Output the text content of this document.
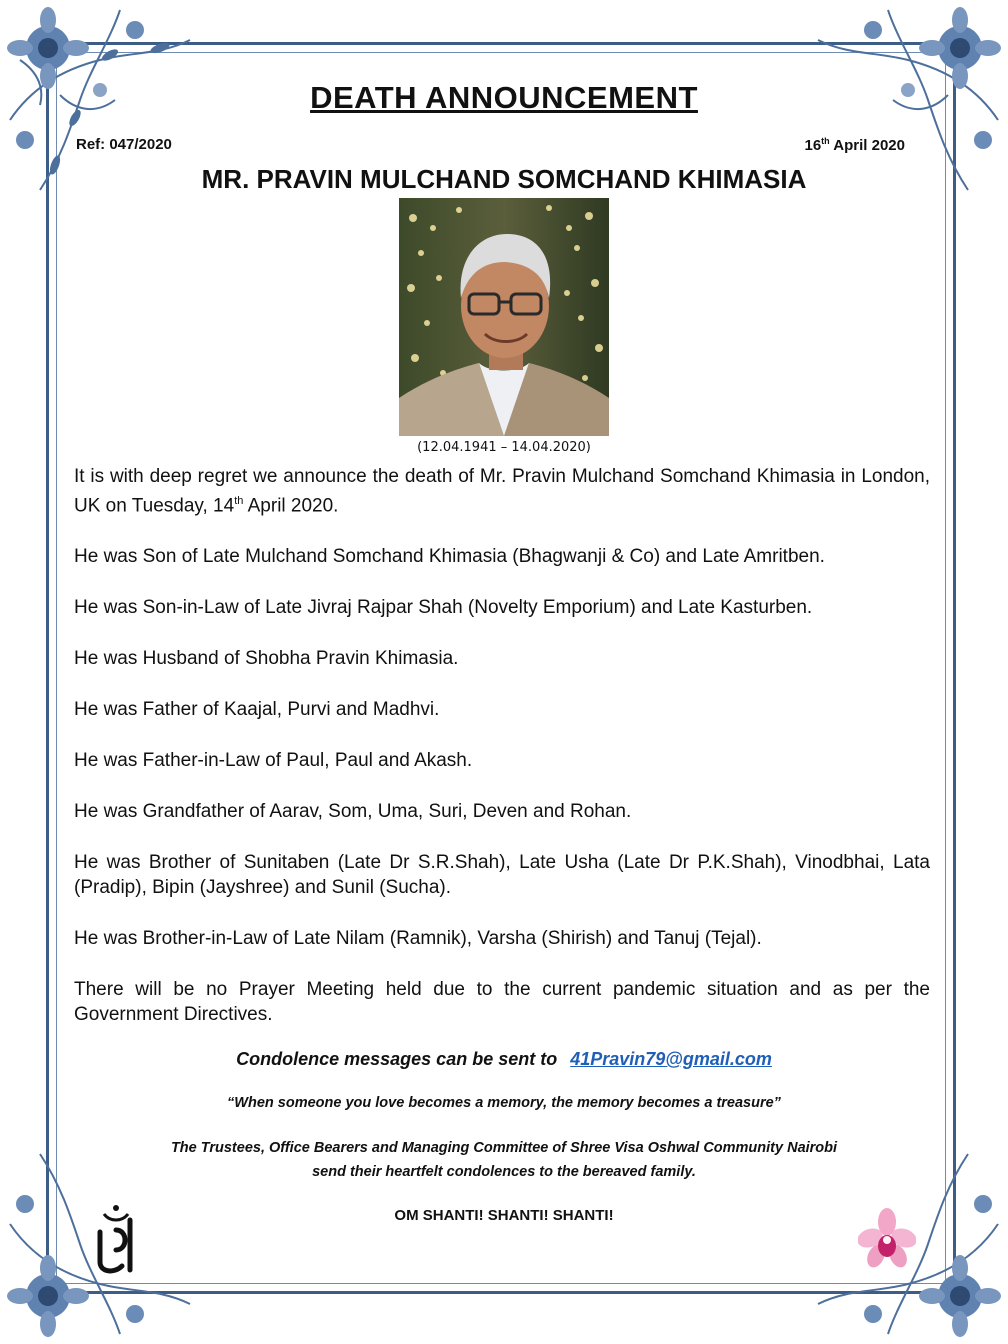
DEATH ANNOUNCEMENT
Ref: 047/2020	16th April 2020
MR. PRAVIN MULCHAND SOMCHAND KHIMASIA
(12.04.1941 – 14.04.2020)

It is with deep regret we announce the death of Mr. Pravin Mulchand Somchand Khimasia in London, UK on Tuesday, 14th April 2020.

He was Son of Late Mulchand Somchand Khimasia (Bhagwanji & Co) and Late Amritben.

He was Son-in-Law of Late Jivraj Rajpar Shah (Novelty Emporium) and Late Kasturben.

He was Husband of Shobha Pravin Khimasia.

He was Father of Kaajal, Purvi and Madhvi.

He was Father-in-Law of Paul, Paul and Akash.

He was Grandfather of Aarav, Som, Uma, Suri, Deven and Rohan.

He was Brother of Sunitaben (Late Dr S.R.Shah), Late Usha (Late Dr P.K.Shah), Vinodbhai, Lata (Pradip), Bipin (Jayshree) and Sunil (Sucha).

He was Brother-in-Law of Late Nilam (Ramnik), Varsha (Shirish) and Tanuj (Tejal).

There will be no Prayer Meeting held due to the current pandemic situation and as per the Government Directives.

Condolence messages can be sent to 41Pravin79@gmail.com
“When someone you love becomes a memory, the memory becomes a treasure”
The Trustees, Office Bearers and Managing Committee of Shree Visa Oshwal Community Nairobi
send their heartfelt condolences to the bereaved family.
OM SHANTI! SHANTI! SHANTI!
